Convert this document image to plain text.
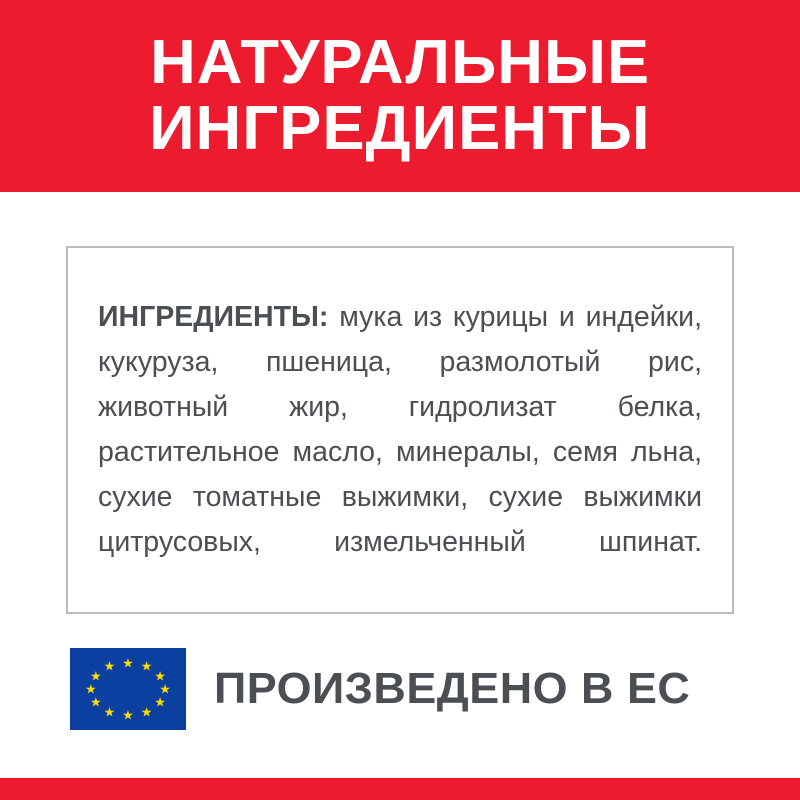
НАТУРАЛЬНЫЕ
ИНГРЕДИЕНТЫ

ИНГРЕДИЕНТЫ: мука из курицы и индейки, кукуруза, пшеница, размолотый рис, животный жир, гидролизат белка, растительное масло, минералы, семя льна, сухие томатные выжимки, сухие выжимки цитрусовых, измельченный шпинат.

★ ★
★
★
★
★
★
★
★
★
★
★ ПРОИЗВЕДЕНО В ЕС
